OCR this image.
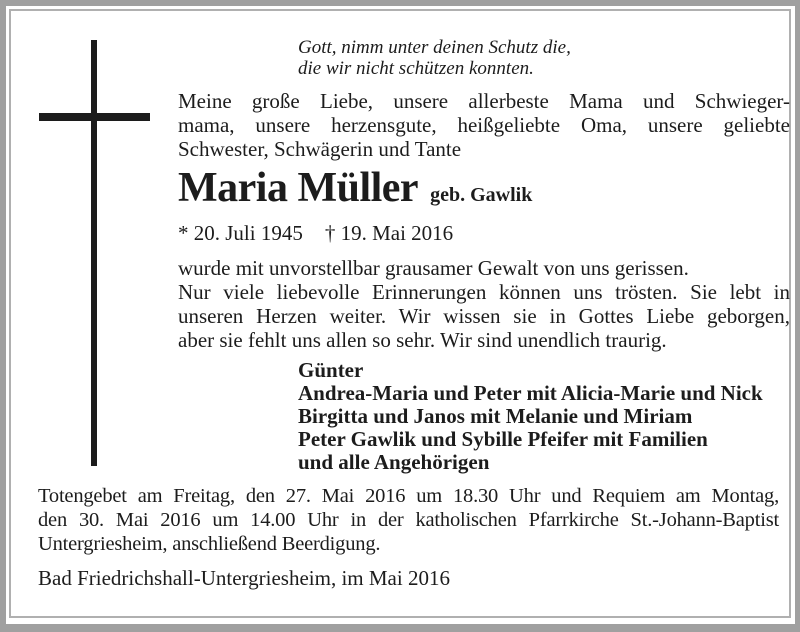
Gott, nimm unter deinen Schutz die,
die wir nicht schützen konnten.
Meine große Liebe, unsere allerbeste Mama und Schwieger-
mama, unsere herzensgute, heißgeliebte Oma, unsere geliebte
Schwester, Schwägerin und Tante
Maria Müller geb. Gawlik
* 20. Juli 1945 † 19. Mai 2016
wurde mit unvorstellbar grausamer Gewalt von uns gerissen.
Nur viele liebevolle Erinnerungen können uns trösten. Sie lebt in
unseren Herzen weiter. Wir wissen sie in Gottes Liebe geborgen,
aber sie fehlt uns allen so sehr. Wir sind unendlich traurig.
Günter
Andrea-Maria und Peter mit Alicia-Marie und Nick
Birgitta und Janos mit Melanie und Miriam
Peter Gawlik und Sybille Pfeifer mit Familien
und alle Angehörigen
Totengebet am Freitag, den 27. Mai 2016 um 18.30 Uhr und Requiem am Montag,
den 30. Mai 2016 um 14.00 Uhr in der katholischen Pfarrkirche St.-Johann-Baptist
Untergriesheim, anschließend Beerdigung.
Bad Friedrichshall-Untergriesheim, im Mai 2016
